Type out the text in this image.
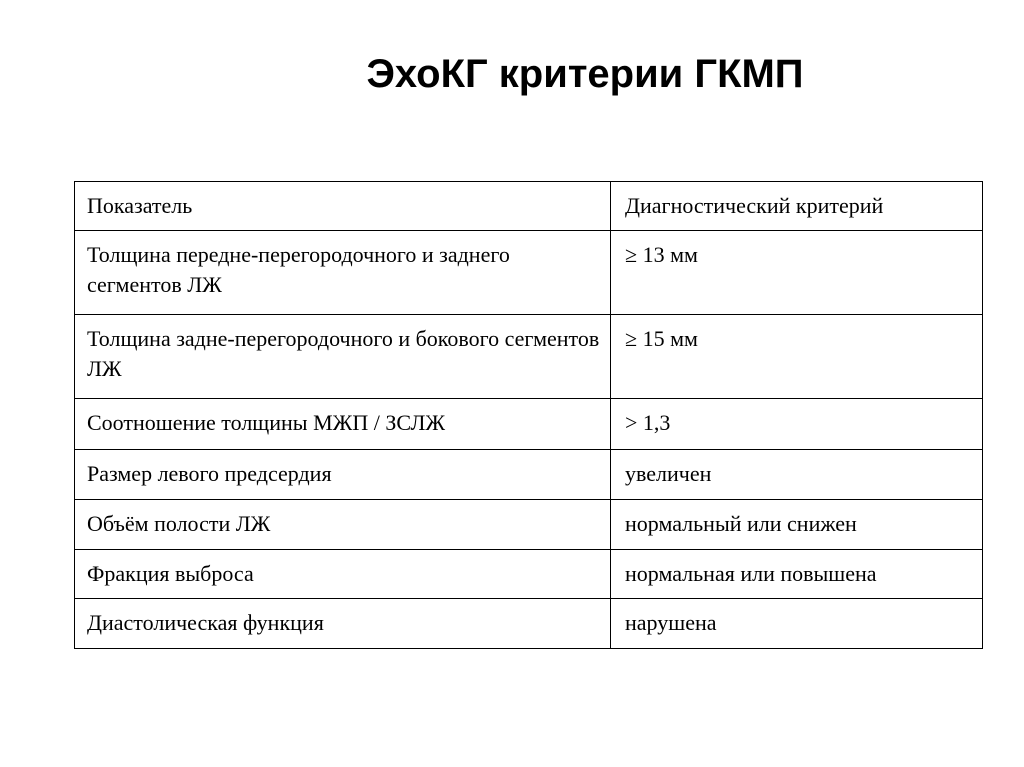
ЭхоКГ критерии ГКМП
Показатель	Диагностический критерий
Толщина передне-перегородочного и заднего сегментов ЛЖ	≥ 13 мм
Толщина задне-перегородочного и бокового сегментов ЛЖ	≥ 15 мм
Соотношение толщины МЖП / ЗСЛЖ	> 1,3
Размер левого предсердия	увеличен
Объём полости ЛЖ	нормальный или снижен
Фракция выброса	нормальная или повышена
Диастолическая функция	нарушена
